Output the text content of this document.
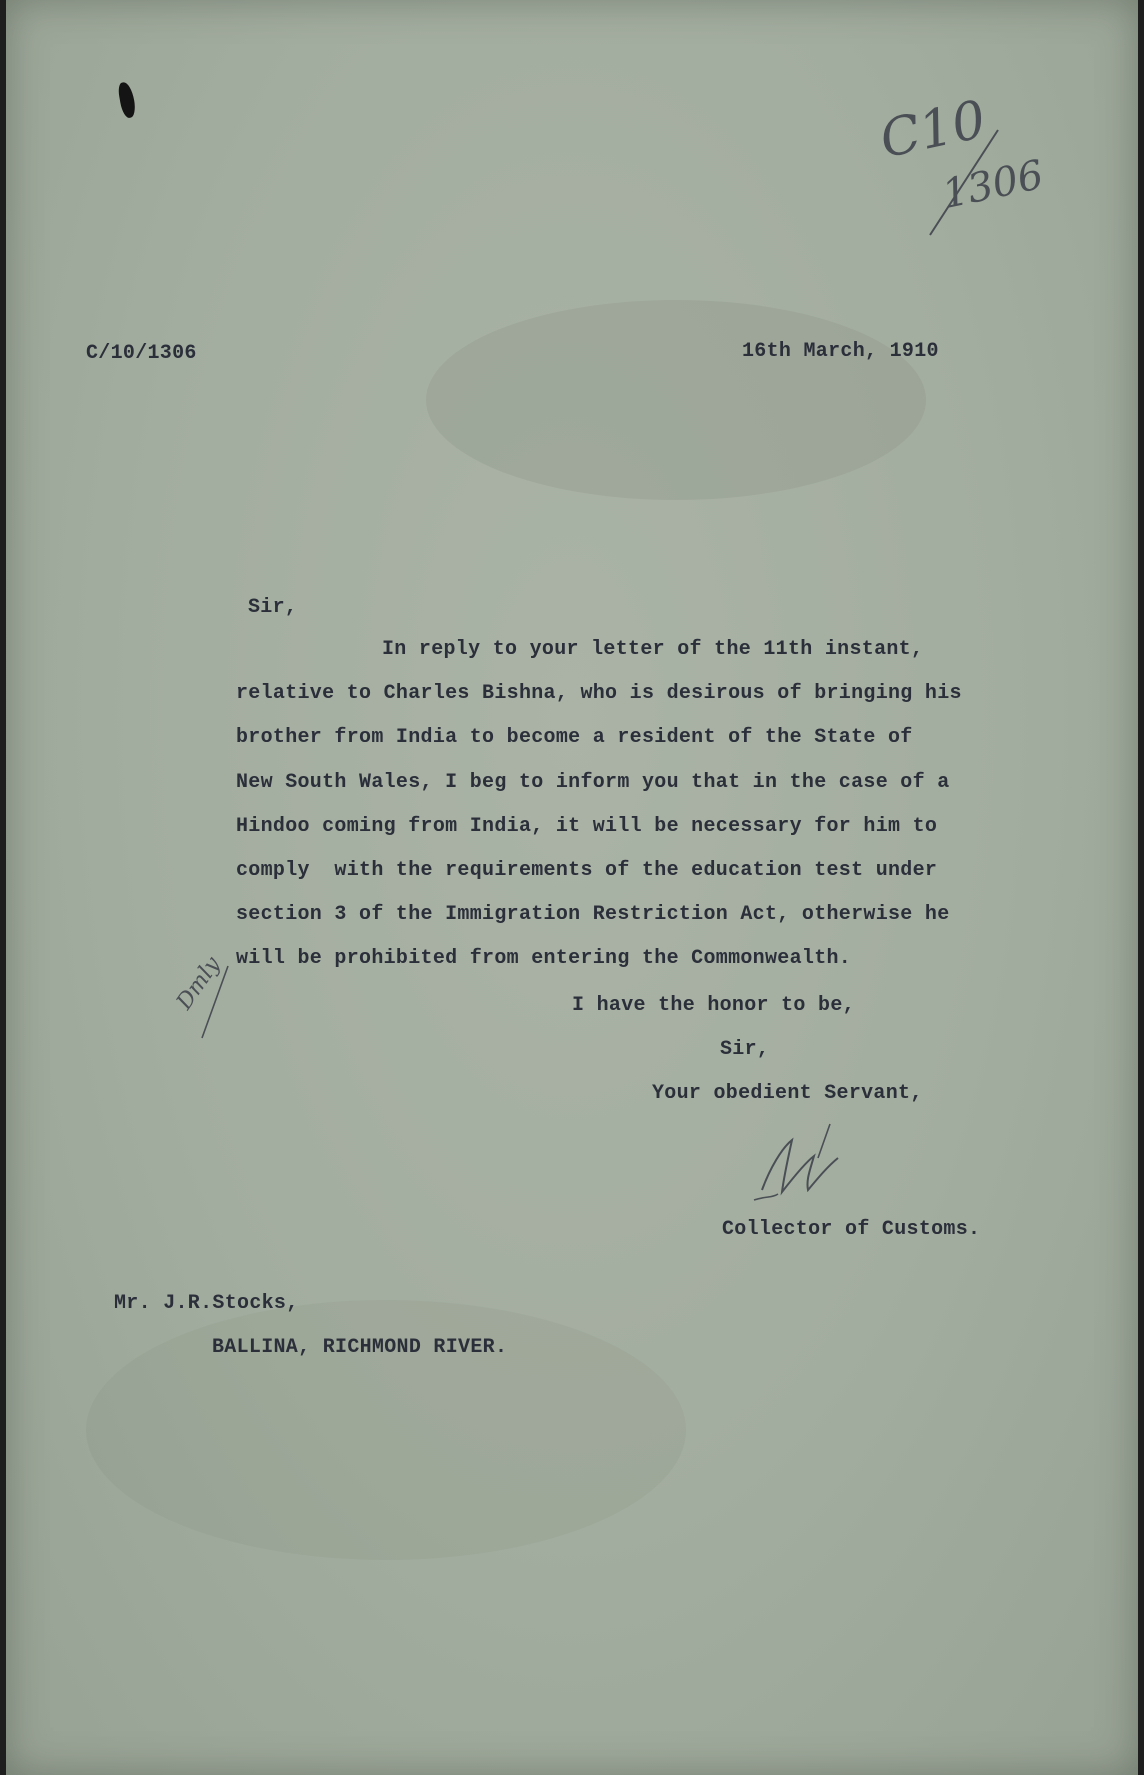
C10
1306
C/10/1306	16th March, 1910
Sir,
In reply to your letter of the 11th instant,
relative to Charles Bishna, who is desirous of bringing his
brother from India to become a resident of the State of
New South Wales, I beg to inform you that in the case of a
Hindoo coming from India, it will be necessary for him to
comply  with the requirements of the education test under
section 3 of the Immigration Restriction Act, otherwise he
will be prohibited from entering the Commonwealth.
Dmly	I have the honor to be,
Sir,
Your obedient Servant,
Collector of Customs.
Mr. J.R.Stocks,
BALLINA, RICHMOND RIVER.
